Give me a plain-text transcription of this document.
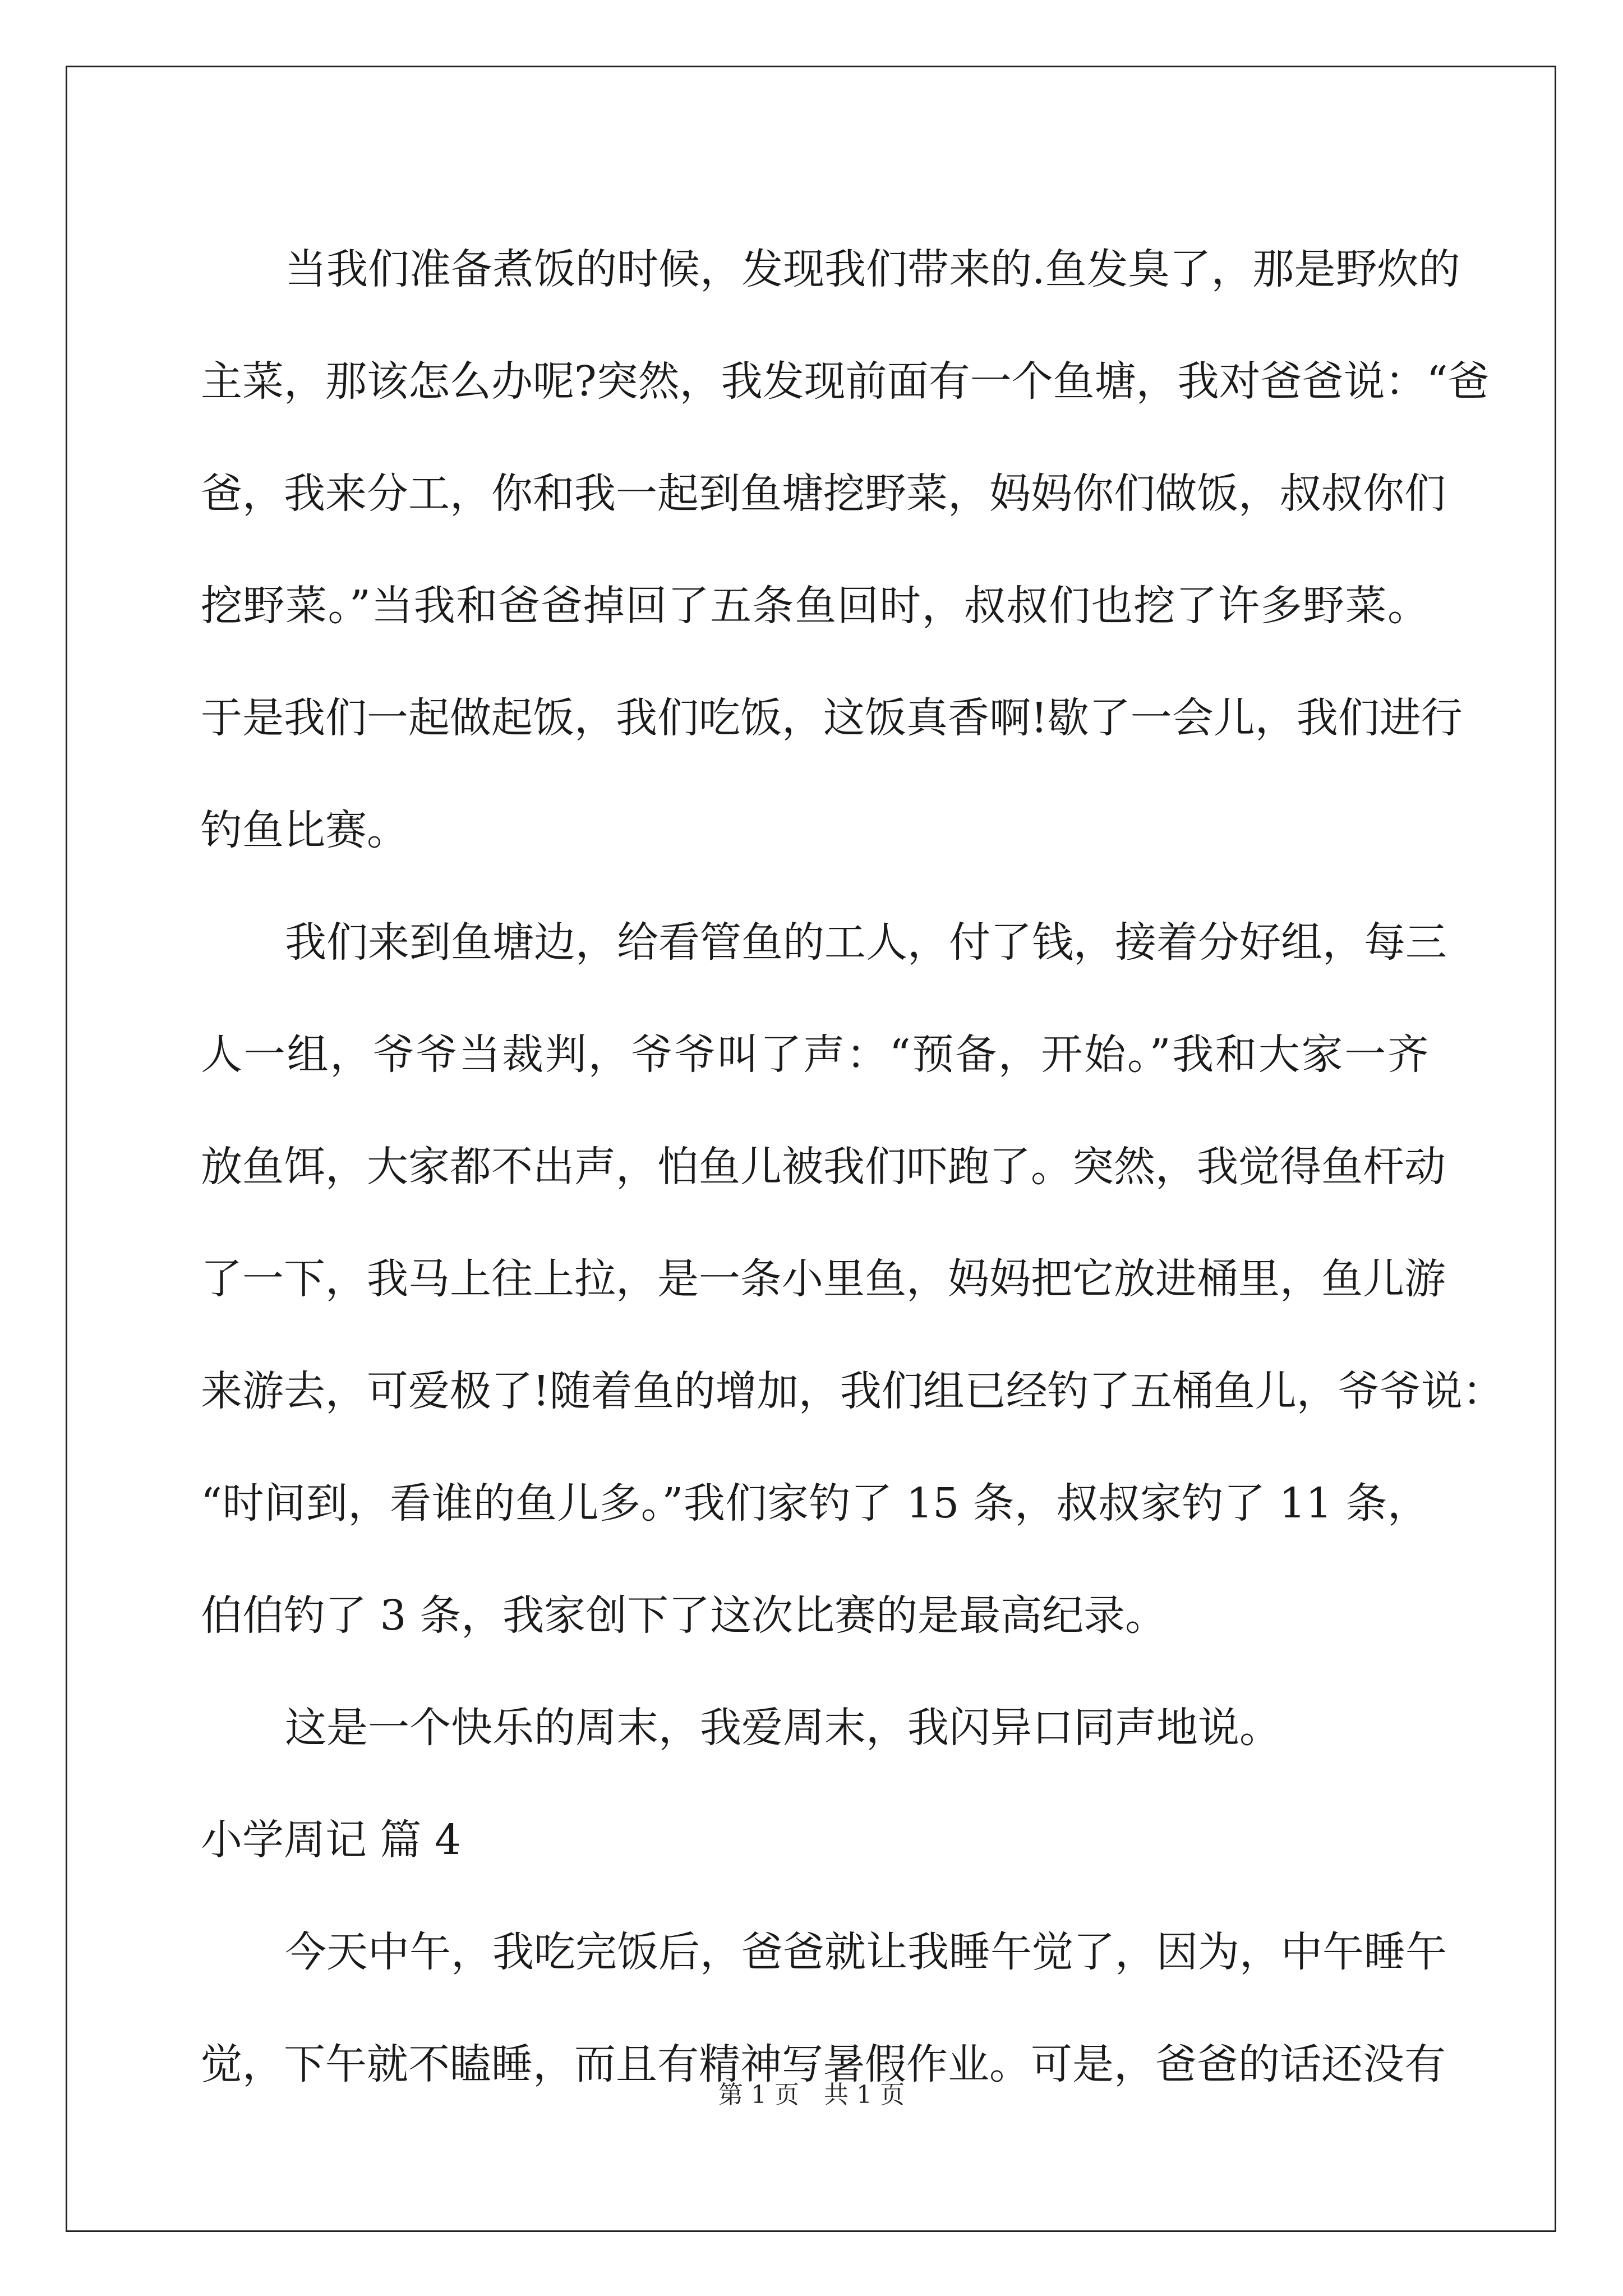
当我们准备煮饭的时候，发现我们带来的.鱼发臭了，那是野炊的
主菜，那该怎么办呢?突然，我发现前面有一个鱼塘，我对爸爸说：“爸
爸，我来分工，你和我一起到鱼塘挖野菜，妈妈你们做饭，叔叔你们
挖野菜。”当我和爸爸掉回了五条鱼回时，叔叔们也挖了许多野菜。
于是我们一起做起饭，我们吃饭，这饭真香啊!歇了一会儿，我们进行
钓鱼比赛。
我们来到鱼塘边，给看管鱼的工人，付了钱，接着分好组，每三
人一组，爷爷当裁判，爷爷叫了声：“预备，开始。”我和大家一齐
放鱼饵，大家都不出声，怕鱼儿被我们吓跑了。突然，我觉得鱼杆动
了一下，我马上往上拉，是一条小里鱼，妈妈把它放进桶里，鱼儿游
来游去，可爱极了!随着鱼的增加，我们组已经钓了五桶鱼儿，爷爷说：
“时间到，看谁的鱼儿多。”我们家钓了 15 条，叔叔家钓了 11 条，
伯伯钓了 3 条，我家创下了这次比赛的是最高纪录。
这是一个快乐的周末，我爱周末，我闪异口同声地说。
小学周记 篇 4
今天中午，我吃完饭后，爸爸就让我睡午觉了，因为，中午睡午
觉，下午就不瞌睡，而且有精神写暑假作业。可是，爸爸的话还没有
第 1 页　共 1 页
